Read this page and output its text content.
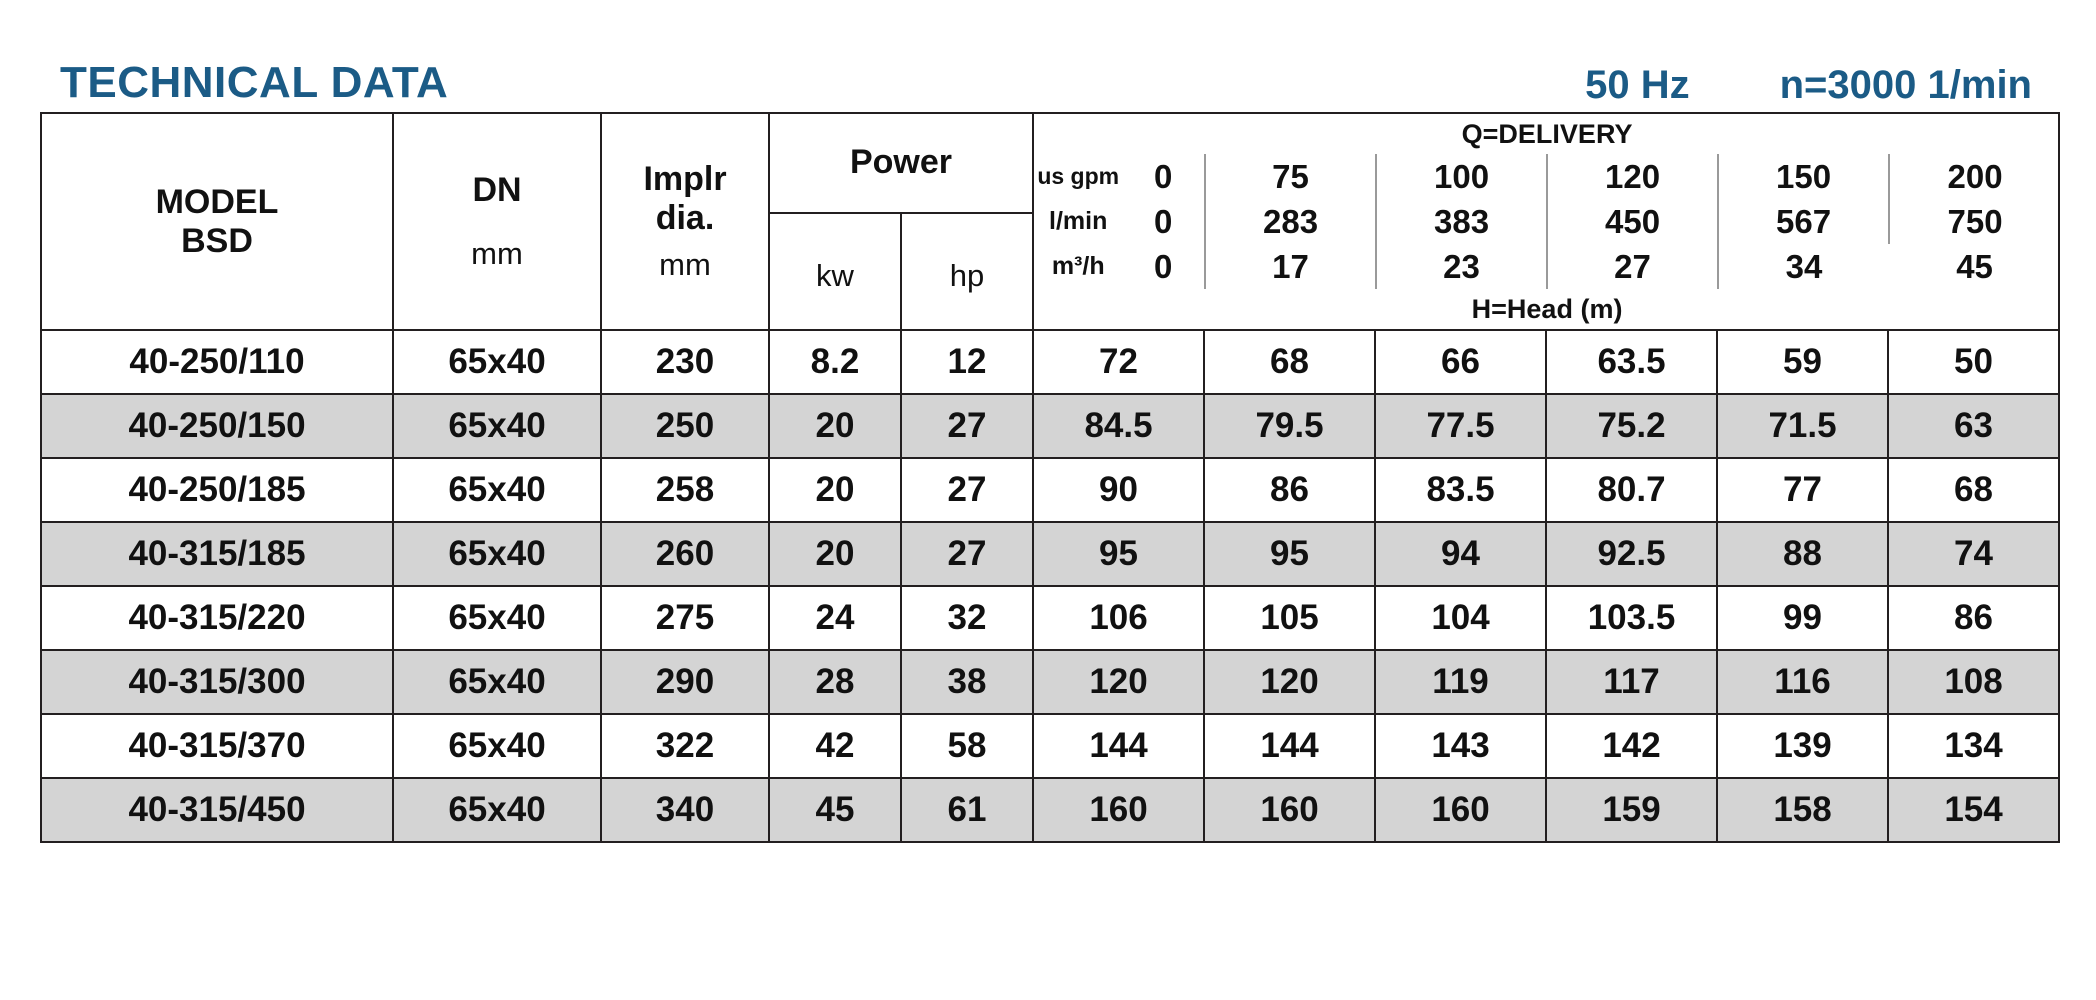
TECHNICAL DATA	50 Hz n=3000 1/min
MODEL
BSD

DN
mm

Implr
dia.
mm
	Power	
Q=DELIVERY

us gpm	0
		75	100	120	150	200

l/min	0
		283	383	450	567	750

m³/h	0
		17	23	27	34	45
H=Head (m)

kw	hp

40-250/110	65x40	230	8.2	12	72	68	66	63.5	59	50
40-250/150	65x40	250	20	27	84.5	79.5	77.5	75.2	71.5	63
40-250/185	65x40	258	20	27	90	86	83.5	80.7	77	68
40-315/185	65x40	260	20	27	95	95	94	92.5	88	74
40-315/220	65x40	275	24	32	106	105	104	103.5	99	86
40-315/300	65x40	290	28	38	120	120	119	117	116	108
40-315/370	65x40	322	42	58	144	144	143	142	139	134
40-315/450	65x40	340	45	61	160	160	160	159	158	154
